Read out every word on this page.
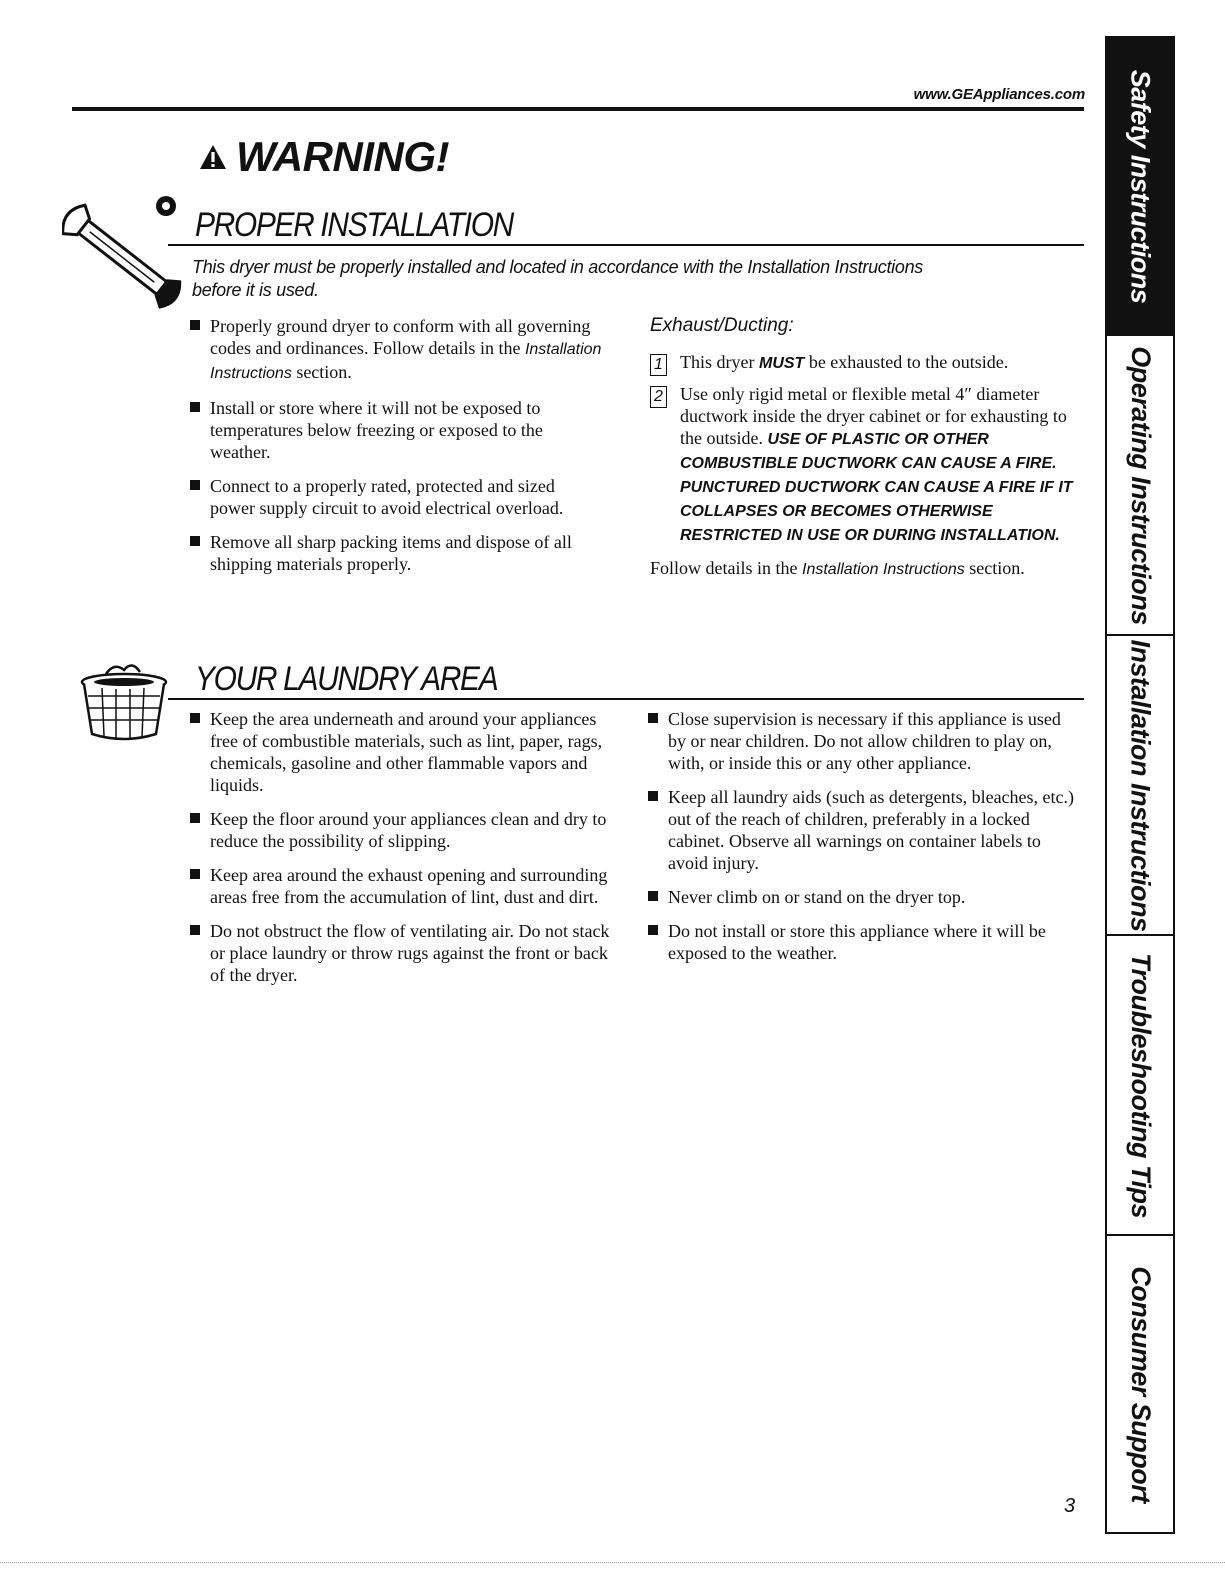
www.GEAppliances.com
WARNING!
PROPER INSTALLATION
This dryer must be properly installed and located in accordance with the Installation Instructions
before it is used.
Properly ground dryer to conform with all governing codes and ordinances. Follow details in the Installation Instructions section.
Install or store where it will not be exposed to temperatures below freezing or exposed to the weather.
Connect to a properly rated, protected and sized power supply circuit to avoid electrical overload.
Remove all sharp packing items and dispose of all shipping materials properly.
Exhaust/Ducting:
1 This dryer MUST be exhausted to the outside.
2 Use only rigid metal or flexible metal 4″ diameter ductwork inside the dryer cabinet or for exhausting to the outside. USE OF PLASTIC OR OTHER COMBUSTIBLE DUCTWORK CAN CAUSE A FIRE. PUNCTURED DUCTWORK CAN CAUSE A FIRE IF IT COLLAPSES OR BECOMES OTHERWISE RESTRICTED IN USE OR DURING INSTALLATION.
Follow details in the Installation Instructions section.
YOUR LAUNDRY AREA
Keep the area underneath and around your appliances free of combustible materials, such as lint, paper, rags, chemicals, gasoline and other flammable vapors and liquids.
Keep the floor around your appliances clean and dry to reduce the possibility of slipping.
Keep area around the exhaust opening and surrounding areas free from the accumulation of lint, dust and dirt.
Do not obstruct the flow of ventilating air. Do not stack or place laundry or throw rugs against the front or back of the dryer.
Close supervision is necessary if this appliance is used by or near children. Do not allow children to play on, with, or inside this or any other appliance.
Keep all laundry aids (such as detergents, bleaches, etc.) out of the reach of children, preferably in a locked cabinet. Observe all warnings on container labels to avoid injury.
Never climb on or stand on the dryer top.
Do not install or store this appliance where it will be exposed to the weather.
Safety Instructions
Operating Instructions
Installation Instructions
Troubleshooting Tips
Consumer Support
3
